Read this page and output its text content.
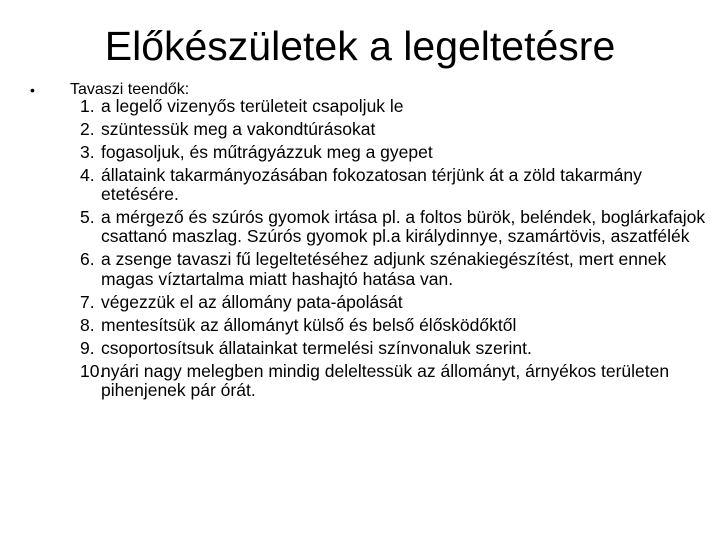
Előkészületek a legeltetésre
• Tavaszi teendők:
1. a legelő vizenyős területeit csapoljuk le
2. szüntessük meg a vakondtúrásokat
3. fogasoljuk, és műtrágyázzuk meg a gyepet
4. állataink takarmányozásában fokozatosan térjünk át a zöld takarmány etetésére.
5. a mérgező és szúrós gyomok irtása pl. a foltos bürök, beléndek, boglárkafajok csattanó maszlag. Szúrós gyomok pl.a királydinnye, szamártövis, aszatfélék
6. a zsenge tavaszi fű legeltetéséhez adjunk szénakiegészítést, mert ennek magas víztartalma miatt hashajtó hatása van.
7. végezzük el az állomány pata-ápolását
8. mentesítsük az állományt külső és belső élősködőktől
9. csoportosítsuk állatainkat termelési színvonaluk szerint.
10.
nyári nagy melegben mindig deleltessük az állományt, árnyékos területen pihenjenek pár órát.
